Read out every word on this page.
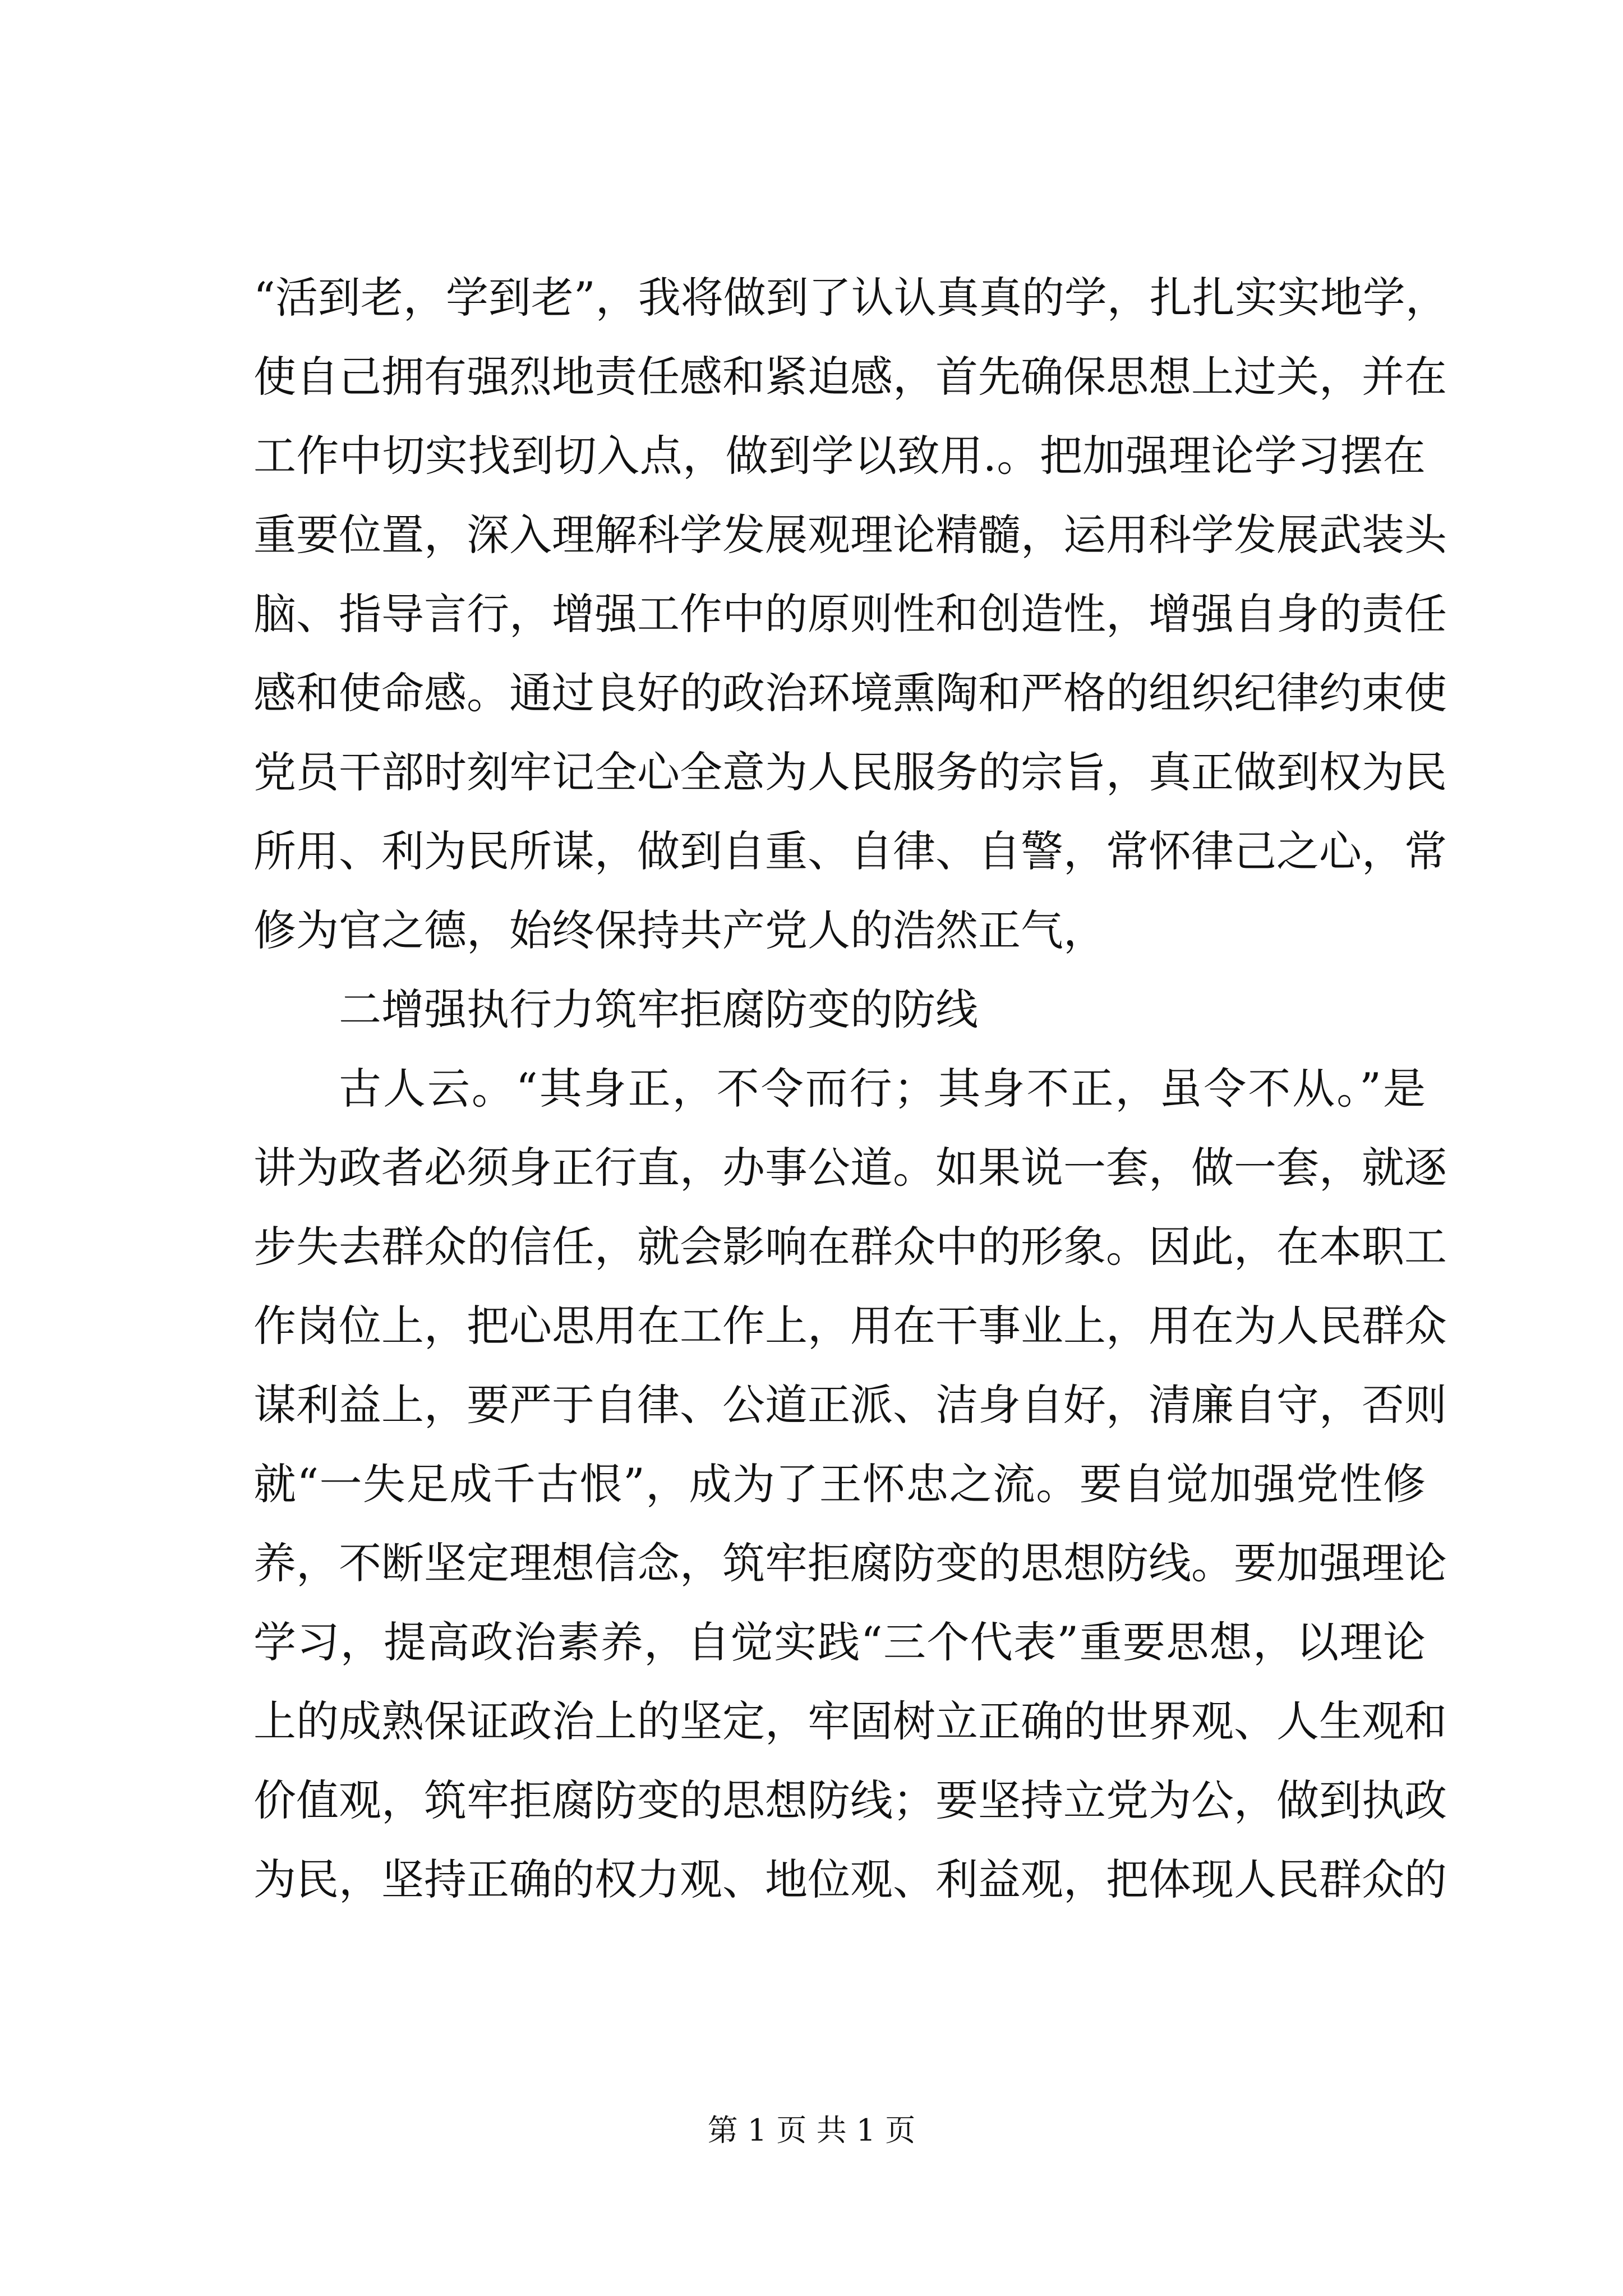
“活到老，学到老”，我将做到了认认真真的学，扎扎实实地学，
使自己拥有强烈地责任感和紧迫感，首先确保思想上过关，并在
工作中切实找到切入点，做到学以致用.。把加强理论学习摆在
重要位置，深入理解科学发展观理论精髓，运用科学发展武装头
脑、指导言行，增强工作中的原则性和创造性，增强自身的责任
感和使命感。通过良好的政治环境熏陶和严格的组织纪律约束使
党员干部时刻牢记全心全意为人民服务的宗旨，真正做到权为民
所用、利为民所谋，做到自重、自律、自警，常怀律己之心，常
修为官之德，始终保持共产党人的浩然正气，
二增强执行力筑牢拒腐防变的防线
古人云。“其身正，不令而行；其身不正，虽令不从。”是
讲为政者必须身正行直，办事公道。如果说一套，做一套，就逐
步失去群众的信任，就会影响在群众中的形象。因此，在本职工
作岗位上，把心思用在工作上，用在干事业上，用在为人民群众
谋利益上，要严于自律、公道正派、洁身自好，清廉自守，否则
就“一失足成千古恨”，成为了王怀忠之流。要自觉加强党性修
养，不断坚定理想信念，筑牢拒腐防变的思想防线。要加强理论
学习，提高政治素养，自觉实践“三个代表”重要思想，以理论
上的成熟保证政治上的坚定，牢固树立正确的世界观、人生观和
价值观，筑牢拒腐防变的思想防线；要坚持立党为公，做到执政
为民，坚持正确的权力观、地位观、利益观，把体现人民群众的
第 1 页 共 1 页
